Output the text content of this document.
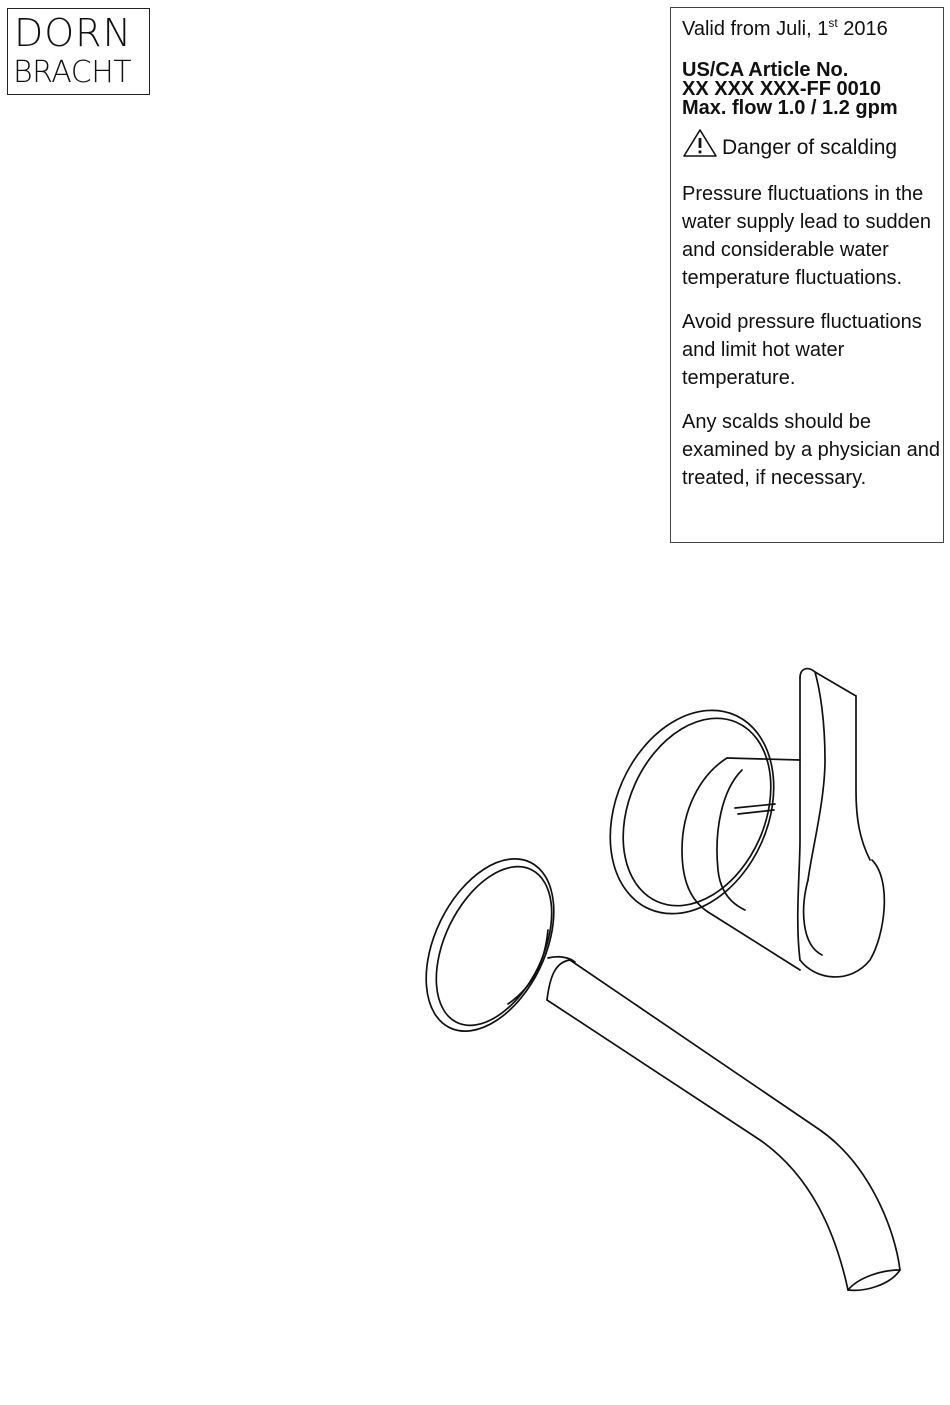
DORN
BRACHT
Valid from Juli, 1st 2016
US/CA Article No.
XX XXX XXX-FF 0010
Max. flow 1.0 / 1.2 gpm
Danger of scalding
Pressure fluctuations in the water supply lead to sudden and considerable water temperature fluctuations.
Avoid pressure fluctuations and limit hot water temperature.
Any scalds should be examined by a physician and treated, if necessary.
